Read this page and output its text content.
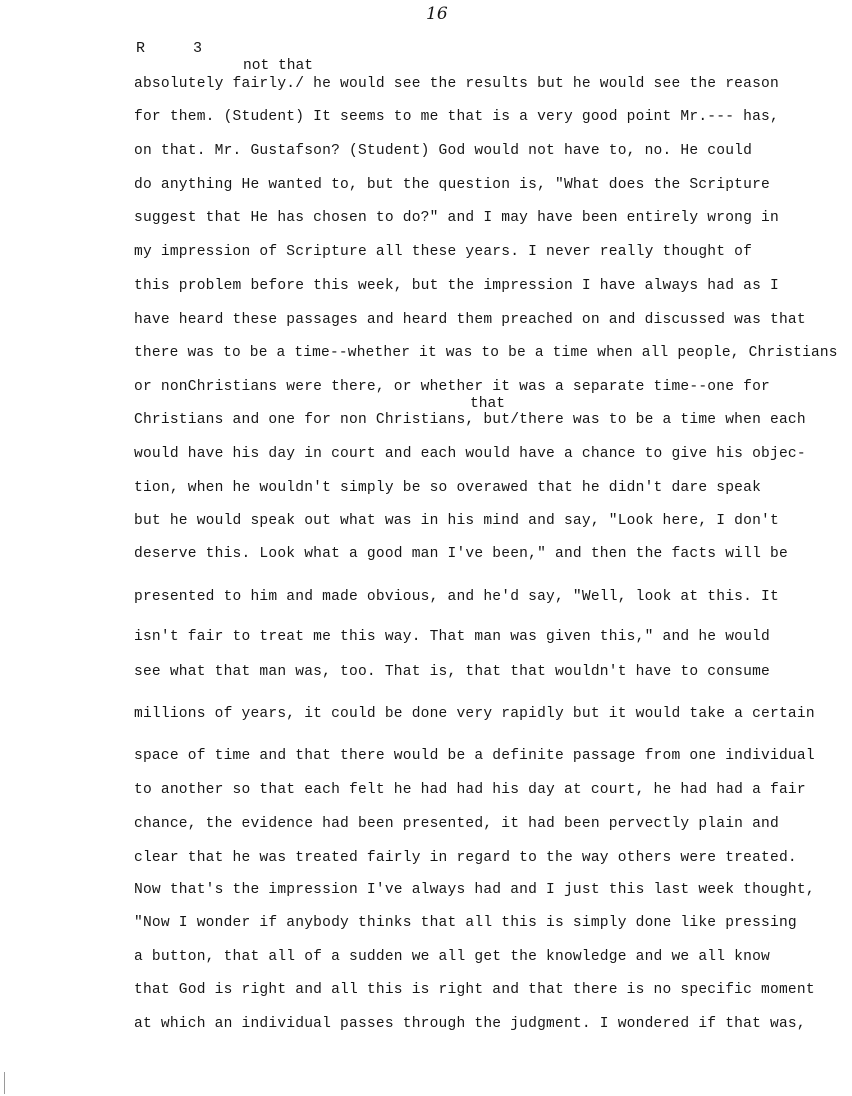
16
R	3
not that
that
absolutely fairly./ he would see the results but he would see the reason
for them. (Student) It seems to me that is a very good point Mr.--- has,
on that. Mr. Gustafson? (Student) God would not have to, no. He could
do anything He wanted to, but the question is, "What does the Scripture
suggest that He has chosen to do?" and I may have been entirely wrong in
my impression of Scripture all these years. I never really thought of
this problem before this week, but the impression I have always had as I
have heard these passages and heard them preached on and discussed was that
there was to be a time--whether it was to be a time when all people, Christians
or nonChristians were there, or whether it was a separate time--one for
Christians and one for non Christians, but/there was to be a time when each
would have his day in court and each would have a chance to give his objec-
tion, when he wouldn't simply be so overawed that he didn't dare speak
but he would speak out what was in his mind and say, "Look here, I don't
deserve this. Look what a good man I've been," and then the facts will be
presented to him and made obvious, and he'd say, "Well, look at this. It
isn't fair to treat me this way. That man was given this," and he would
see what that man was, too. That is, that that wouldn't have to consume
millions of years, it could be done very rapidly but it would take a certain
space of time and that there would be a definite passage from one individual
to another so that each felt he had had his day at court, he had had a fair
chance, the evidence had been presented, it had been pervectly plain and
clear that he was treated fairly in regard to the way others were treated.
Now that's the impression I've always had and I just this last week thought,
"Now I wonder if anybody thinks that all this is simply done like pressing
a button, that all of a sudden we all get the knowledge and we all know
that God is right and all this is right and that there is no specific moment
at which an individual passes through the judgment. I wondered if that was,
